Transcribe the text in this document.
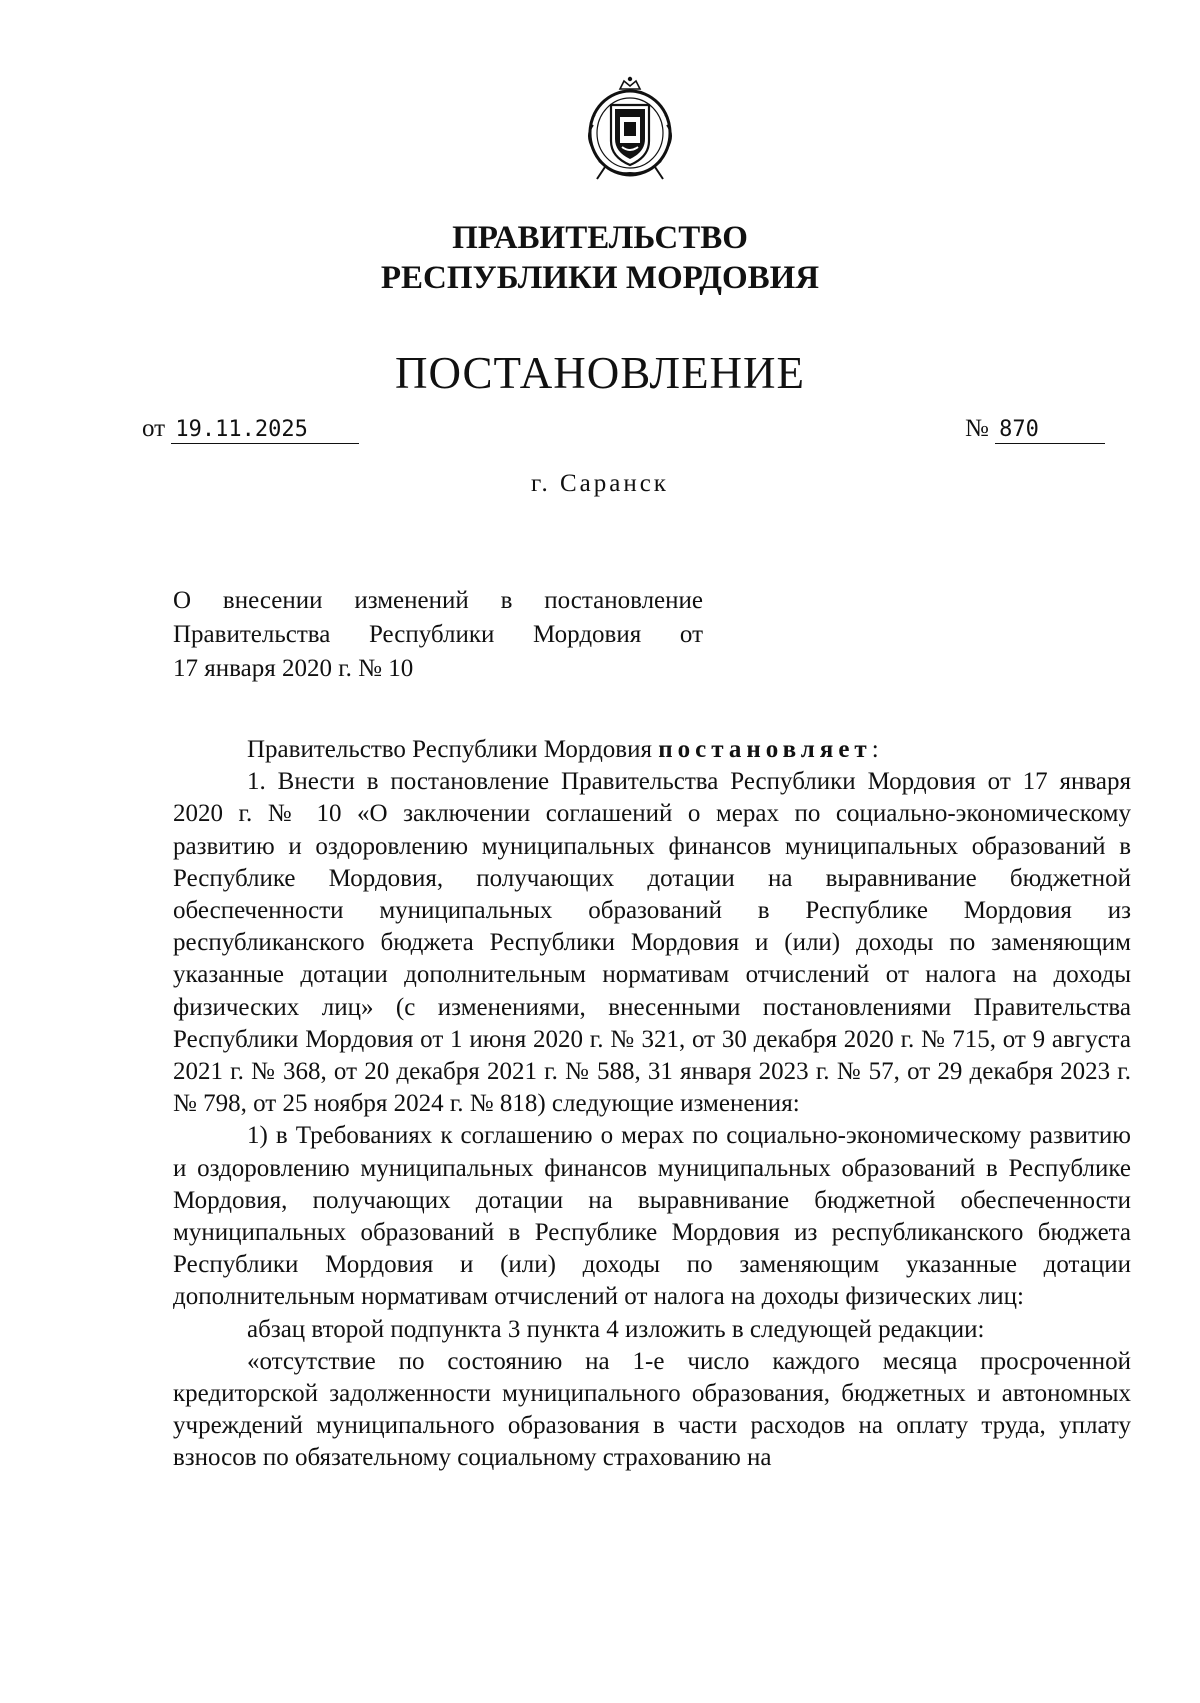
ПРАВИТЕЛЬСТВО
РЕСПУБЛИКИ МОРДОВИЯ
ПОСТАНОВЛЕНИЕ
от 19.11.2025	№ 870
г. Саранск
О внесении изменений в постановление
Правительства Республики Мордовия от
17 января 2020 г. № 10

Правительство Республики Мордовия постановляет:

1. Внести в постановление Правительства Республики Мордовия от 17 января 2020 г. № 10 «О заключении соглашений о мерах по социально-экономическому развитию и оздоровлению муниципальных финансов муниципальных образований в Республике Мордовия, получающих дотации на выравнивание бюджетной обеспеченности муниципальных образований в Республике Мордовия из республиканского бюджета Республики Мордовия и (или) доходы по заменяющим указанные дотации дополнительным нормативам отчислений от налога на доходы физических лиц» (с изменениями, внесенными постановлениями Правительства Республики Мордовия от 1 июня 2020 г. № 321, от 30 декабря 2020 г. № 715, от 9 августа 2021 г. № 368, от 20 декабря 2021 г. № 588, 31 января 2023 г. № 57, от 29 декабря 2023 г. № 798, от 25 ноября 2024 г. № 818) следующие изменения:

1) в Требованиях к соглашению о мерах по социально-экономическому развитию и оздоровлению муниципальных финансов муниципальных образований в Республике Мордовия, получающих дотации на выравнивание бюджетной обеспеченности муниципальных образований в Республике Мордовия из республиканского бюджета Республики Мордовия и (или) доходы по заменяющим указанные дотации дополнительным нормативам отчислений от налога на доходы физических лиц:

абзац второй подпункта 3 пункта 4 изложить в следующей редакции:

«отсутствие по состоянию на 1-е число каждого месяца просроченной кредиторской задолженности муниципального образования, бюджетных и автономных учреждений муниципального образования в части расходов на оплату труда, уплату взносов по обязательному социальному страхованию на
